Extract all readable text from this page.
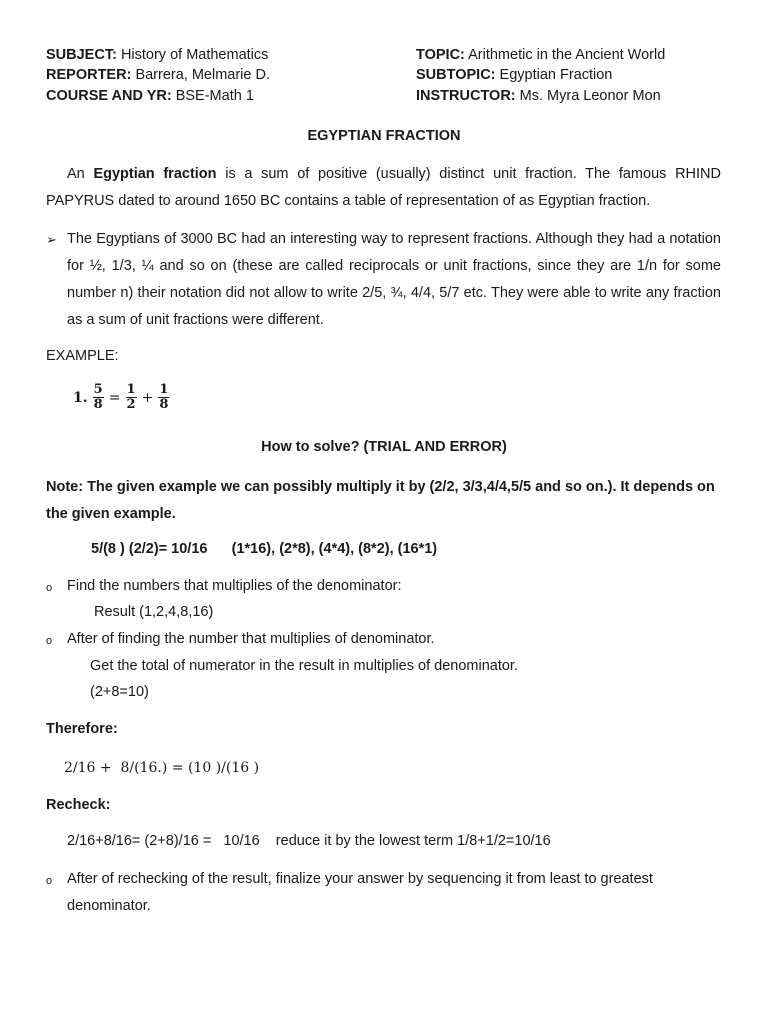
SUBJECT: History of Mathematics
REPORTER: Barrera, Melmarie D.
COURSE AND YR: BSE-Math 1
TOPIC: Arithmetic in the Ancient World
SUBTOPIC: Egyptian Fraction
INSTRUCTOR: Ms. Myra Leonor Mon
EGYPTIAN FRACTION
An Egyptian fraction is a sum of positive (usually) distinct unit fraction. The famous RHIND PAPYRUS dated to around 1650 BC contains a table of representation of as Egyptian fraction.
➢ The Egyptians of 3000 BC had an interesting way to represent fractions. Although they had a notation for ½, 1/3, ¼ and so on (these are called reciprocals or unit fractions, since they are 1/n for some number n) their notation did not allow to write 2/5, ¾, 4/4, 5/7 etc. They were able to write any fraction as a sum of unit fractions were different.
EXAMPLE:
1. $\frac{5}{8} = \frac{1}{2} + \frac{1}{8}$
How to solve? (TRIAL AND ERROR)
Note: The given example we can possibly multiply it by (2/2, 3/3,4/4,5/5 and so on.). It depends on the given example.
5/(8 ) (2/2)= 10/16      (1*16), (2*8), (4*4), (8*2), (16*1)
o Find the numbers that multiplies of the denominator:
Result (1,2,4,8,16)
o After of finding the number that multiplies of denominator.
Get the total of numerator in the result in multiplies of denominator.
(2+8=10)
Therefore:
2/16 +  8/(16.) = (10 )/(16 )
Recheck:
2/16+8/16= (2+8)/16 =   10/16    reduce it by the lowest term 1/8+1/2=10/16
o After of rechecking of the result, finalize your answer by sequencing it from least to greatest denominator.
